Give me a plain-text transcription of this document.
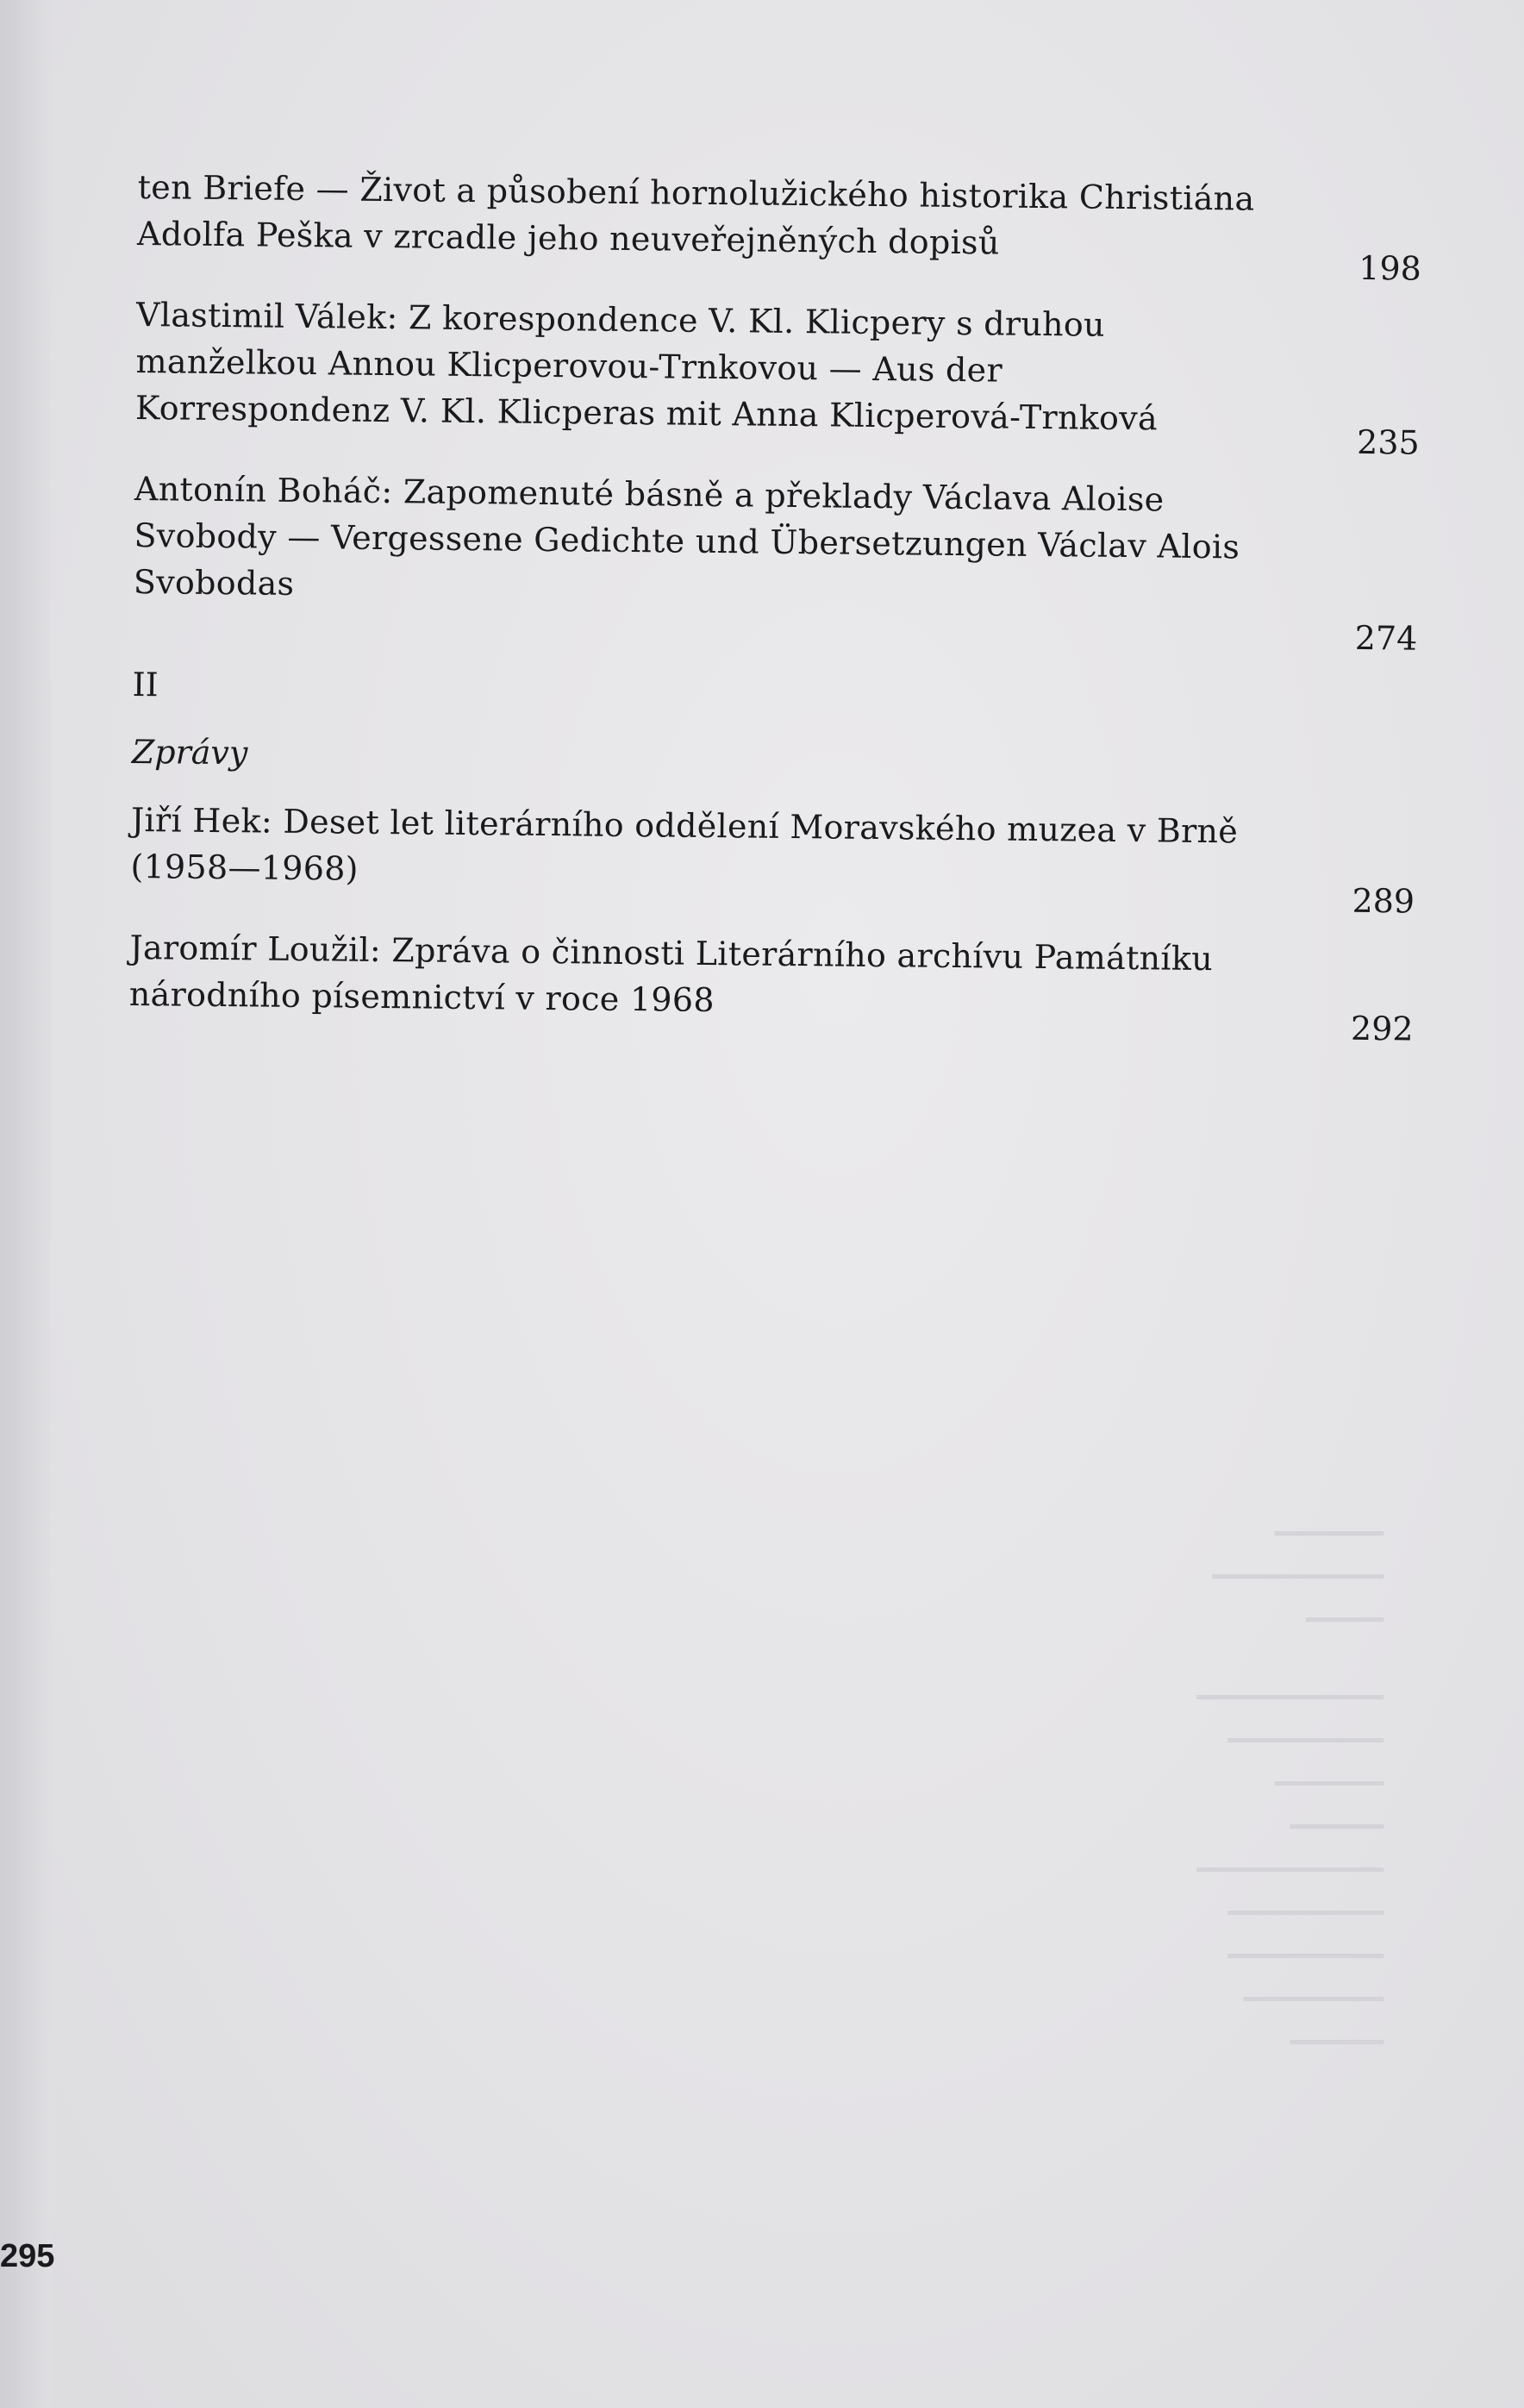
ten Briefe — Život a působení hornolužického historika Christiána Adolfa Peška v zrcadle jeho neuveřejněných dopisů
198
Vlastimil Válek: Z korespondence V. Kl. Klicpery s druhou manželkou Annou Klicperovou-Trnkovou — Aus der Korrespondenz V. Kl. Klicperas mit Anna Klicperová-Trnková
235
Antonín Boháč: Zapomenuté básně a překlady Václava Aloise Svobody — Vergessene Gedichte und Übersetzungen Václav Alois Svobodas
274
II
Zprávy
Jiří Hek: Deset let literárního oddělení Moravského muzea v Brně (1958—1968)
289
Jaromír Loužil: Zpráva o činnosti Literárního archívu Památníku národního písemnictví v roce 1968
292
━━━━━━━
━━━━━━━━━━━
━━━━━
━━━━━━━━━━━━
━━━━━━━━━━
━━━━━━━
━━━━━━
━━━━━━━━━━━━
━━━━━━━━━━
━━━━━━━━━━
━━━━━━━━━
━━━━━━
295
